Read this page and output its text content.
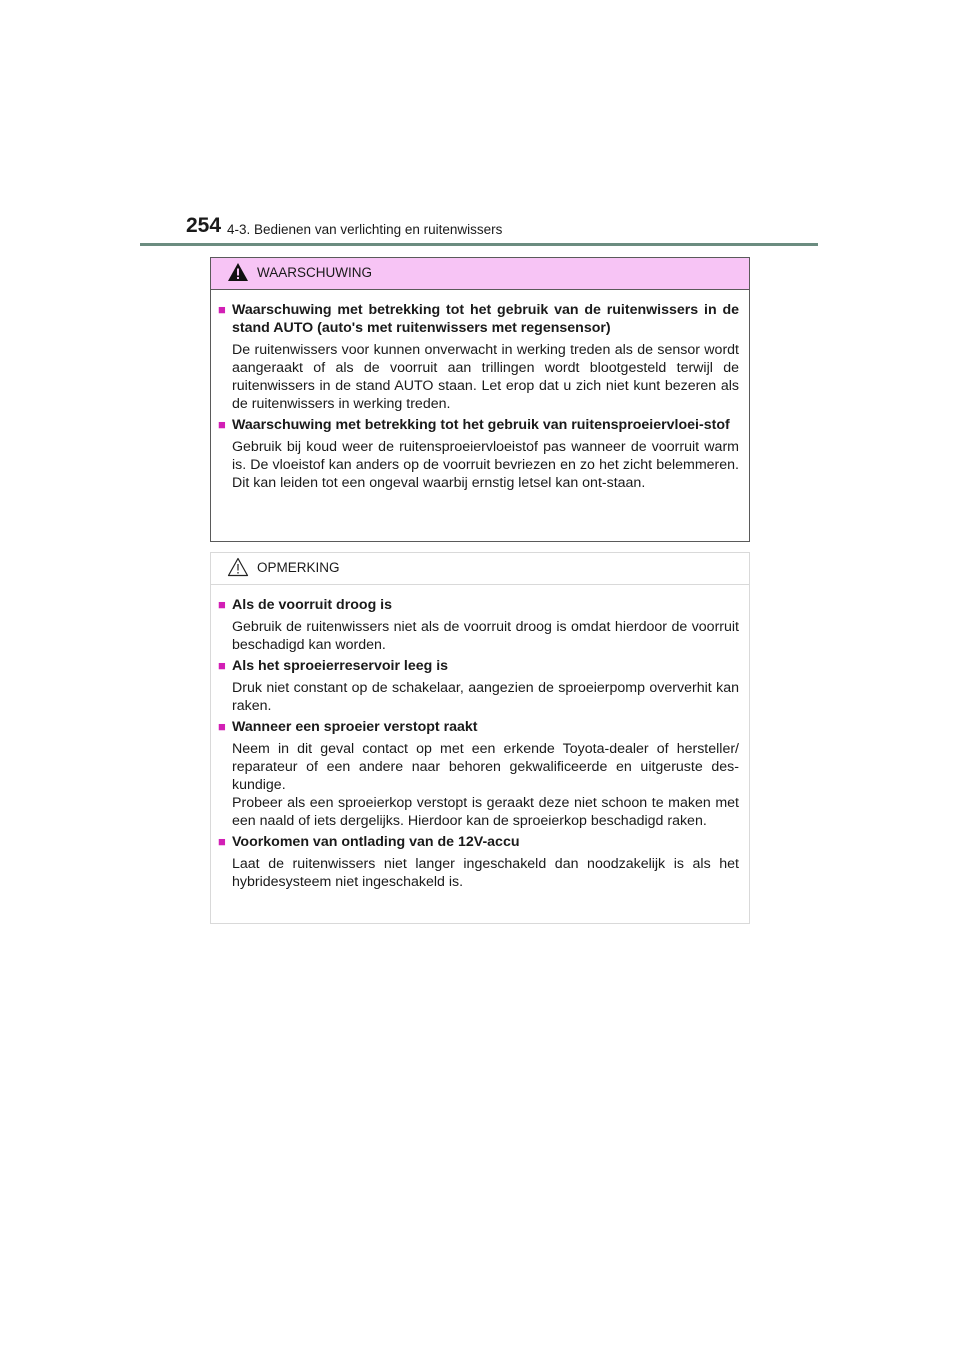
254 4-3. Bedienen van verlichting en ruitenwissers
WAARSCHUWING
■ Waarschuwing met betrekking tot het gebruik van de ruitenwissers in de stand AUTO (auto's met ruitenwissers met regensensor)

De ruitenwissers voor kunnen onverwacht in werking treden als de sensor wordt aangeraakt of als de voorruit aan trillingen wordt blootgesteld terwijl de ruitenwissers in de stand AUTO staan. Let erop dat u zich niet kunt bezeren als de ruitenwissers in werking treden.

■ Waarschuwing met betrekking tot het gebruik van ruitensproeiervloei-stof

Gebruik bij koud weer de ruitensproeiervloeistof pas wanneer de voorruit warm is. De vloeistof kan anders op de voorruit bevriezen en zo het zicht belemmeren. Dit kan leiden tot een ongeval waarbij ernstig letsel kan ont-staan.

OPMERKING
■ Als de voorruit droog is

Gebruik de ruitenwissers niet als de voorruit droog is omdat hierdoor de voorruit beschadigd kan worden.

■ Als het sproeierreservoir leeg is

Druk niet constant op de schakelaar, aangezien de sproeierpomp oververhit kan raken.

■ Wanneer een sproeier verstopt raakt

Neem in dit geval contact op met een erkende Toyota-dealer of hersteller/ reparateur of een andere naar behoren gekwalificeerde en uitgeruste des-kundige.

Probeer als een sproeierkop verstopt is geraakt deze niet schoon te maken met een naald of iets dergelijks. Hierdoor kan de sproeierkop beschadigd raken.

■ Voorkomen van ontlading van de 12V-accu

Laat de ruitenwissers niet langer ingeschakeld dan noodzakelijk is als het hybridesysteem niet ingeschakeld is.
